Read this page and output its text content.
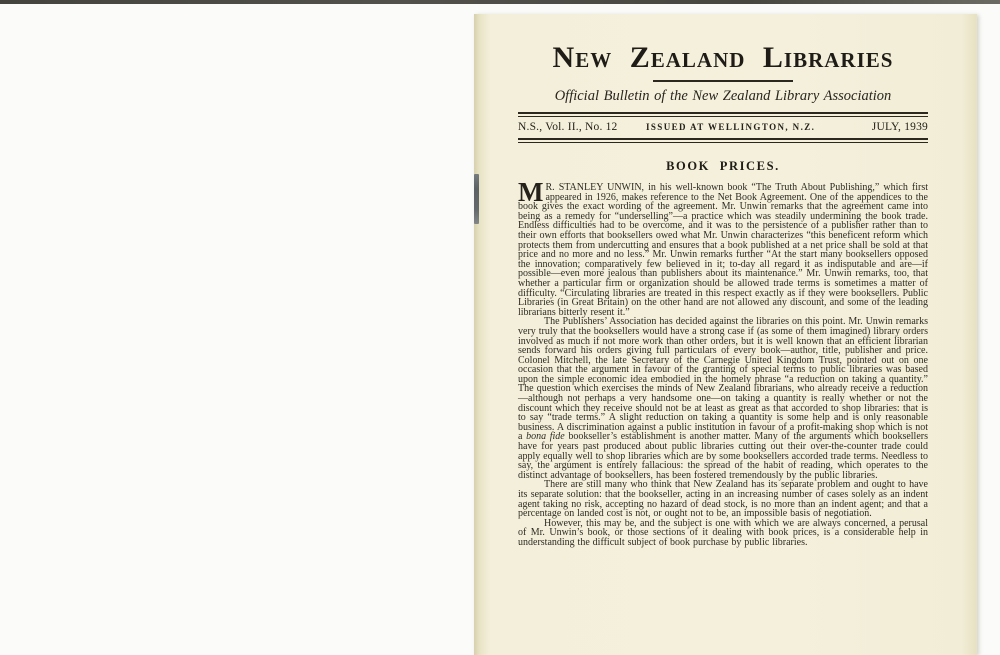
New Zealand Libraries
Official Bulletin of the New Zealand Library Association
N.S., Vol. II., No. 12	ISSUED AT WELLINGTON, N.Z.	JULY, 1939
BOOK PRICES.

M R. STANLEY UNWIN, in his well-known book “The Truth About Publishing,” which first appeared in 1926, makes reference to the Net Book Agreement. One of the appendices to the book gives the exact wording of the agreement. Mr. Unwin remarks that the agreement came into being as a remedy for “underselling”—a practice which was steadily undermining the book trade. Endless difficulties had to be overcome, and it was to the persistence of a publisher rather than to their own efforts that booksellers owed what Mr. Unwin characterizes “this beneficent reform which protects them from undercutting and ensures that a book published at a net price shall be sold at that price and no more and no less.” Mr. Unwin remarks further “At the start many booksellers opposed the innovation; comparatively few believed in it; to-day all regard it as indisputable and are—if possible—even more jealous than publishers about its maintenance.” Mr. Unwin remarks, too, that whether a particular firm or organization should be allowed trade terms is sometimes a matter of difficulty. “Circulating libraries are treated in this respect exactly as if they were booksellers. Public Libraries (in Great Britain) on the other hand are not allowed any discount, and some of the leading librarians bitterly resent it.”

The Publishers’ Association has decided against the libraries on this point. Mr. Unwin remarks very truly that the booksellers would have a strong case if (as some of them imagined) library orders involved as much if not more work than other orders, but it is well known that an efficient librarian sends forward his orders giving full particulars of every book—author, title, publisher and price. Colonel Mitchell, the late Secretary of the Carnegie United Kingdom Trust, pointed out on one occasion that the argument in favour of the granting of special terms to public libraries was based upon the simple economic idea embodied in the homely phrase “a reduction on taking a quantity.” The question which exercises the minds of New Zealand librarians, who already receive a reduction—although not perhaps a very handsome one—on taking a quantity is really whether or not the discount which they receive should not be at least as great as that accorded to shop libraries: that is to say “trade terms.” A slight reduction on taking a quantity is some help and is only reasonable business. A discrimination against a public institution in favour of a profit-making shop which is not a bona fide bookseller’s establishment is another matter. Many of the arguments which booksellers have for years past produced about public libraries cutting out their over-the-counter trade could apply equally well to shop libraries which are by some booksellers accorded trade terms. Needless to say, the argument is entirely fallacious: the spread of the habit of reading, which operates to the distinct advantage of booksellers, has been fostered tremendously by the public libraries.

There are still many who think that New Zealand has its separate problem and ought to have its separate solution: that the bookseller, acting in an increasing number of cases solely as an indent agent taking no risk, accepting no hazard of dead stock, is no more than an indent agent; and that a percentage on landed cost is not, or ought not to be, an impossible basis of negotiation.

However, this may be, and the subject is one with which we are always concerned, a perusal of Mr. Unwin’s book, or those sections of it dealing with book prices, is a considerable help in understanding the difficult subject of book purchase by public libraries.
